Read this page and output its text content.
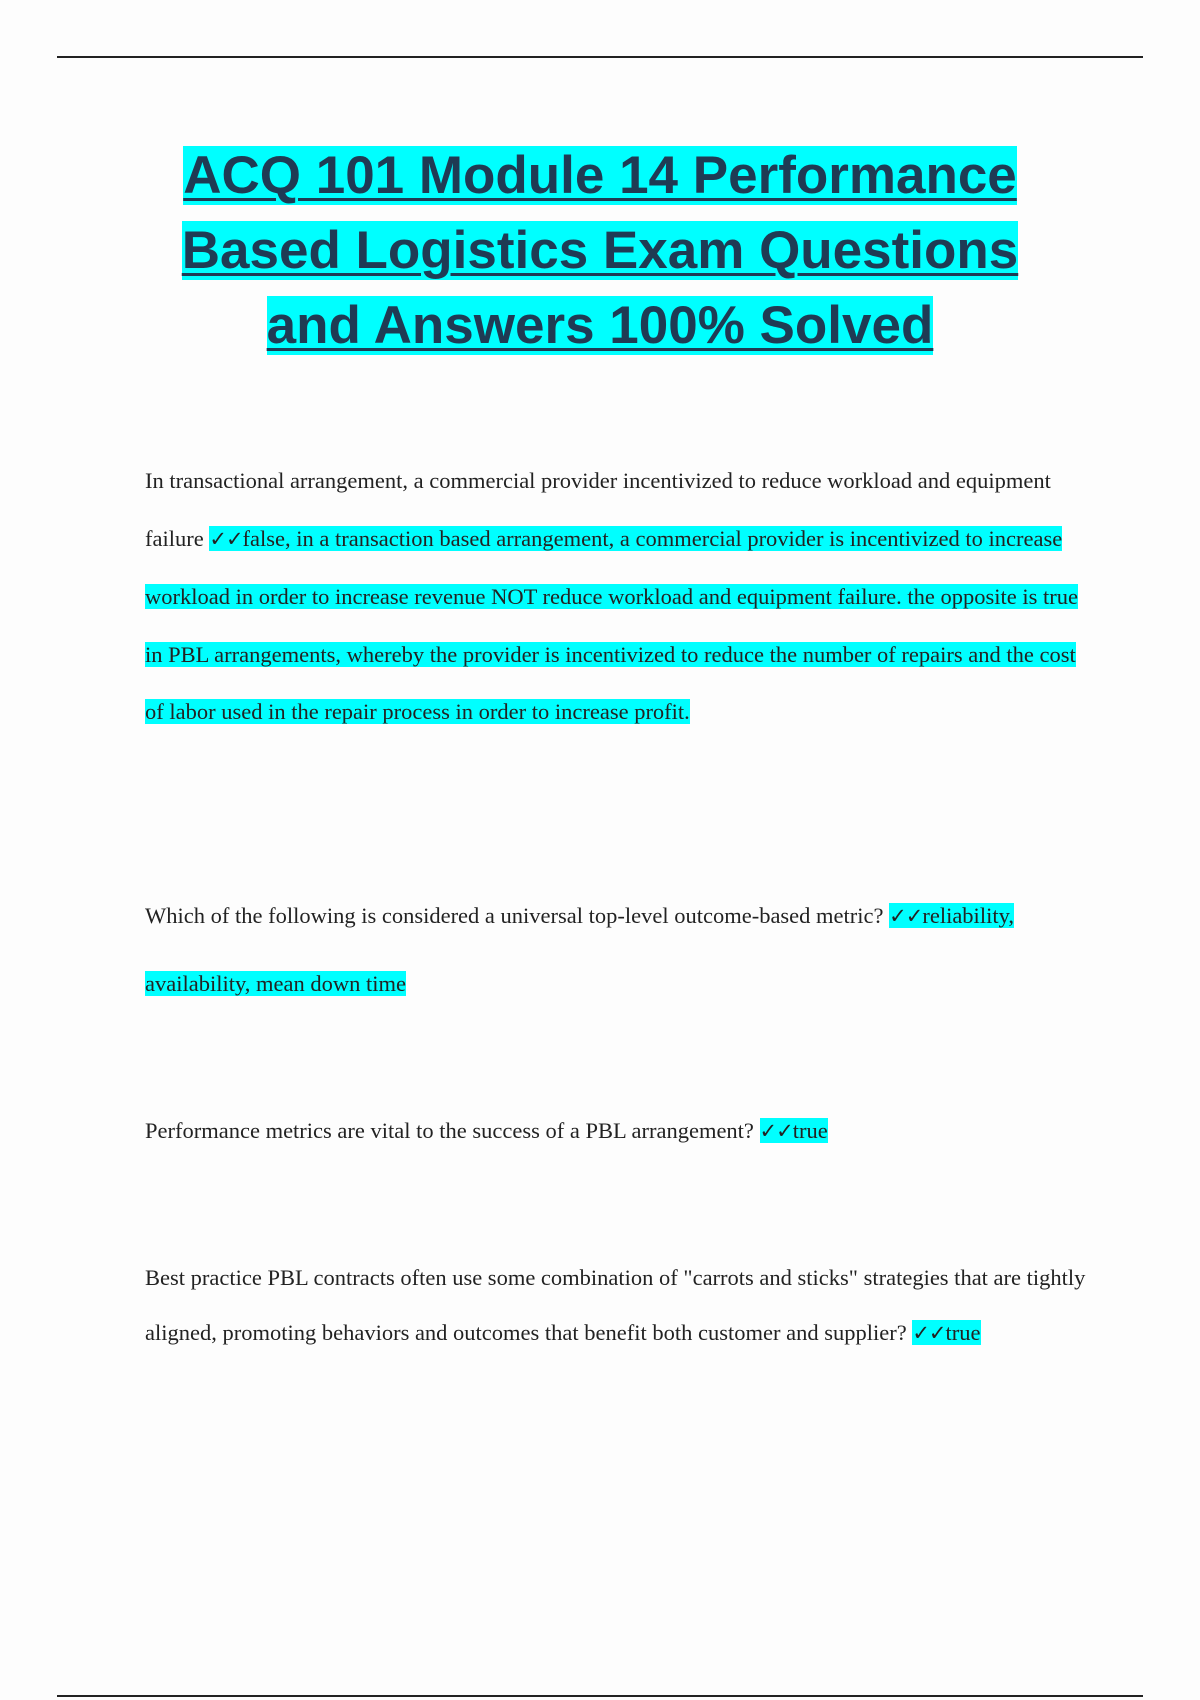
ACQ 101 Module 14 Performance Based Logistics Exam Questions and Answers 100% Solved

In transactional arrangement, a commercial provider incentivized to reduce workload and equipment failure ✓✓false, in a transaction based arrangement, a commercial provider is incentivized to increase workload in order to increase revenue NOT reduce workload and equipment failure. the opposite is true in PBL arrangements, whereby the provider is incentivized to reduce the number of repairs and the cost of labor used in the repair process in order to increase profit.

Which of the following is considered a universal top-level outcome-based metric? ✓✓reliability, availability, mean down time

Performance metrics are vital to the success of a PBL arrangement? ✓✓true

Best practice PBL contracts often use some combination of "carrots and sticks" strategies that are tightly aligned, promoting behaviors and outcomes that benefit both customer and supplier? ✓✓true
